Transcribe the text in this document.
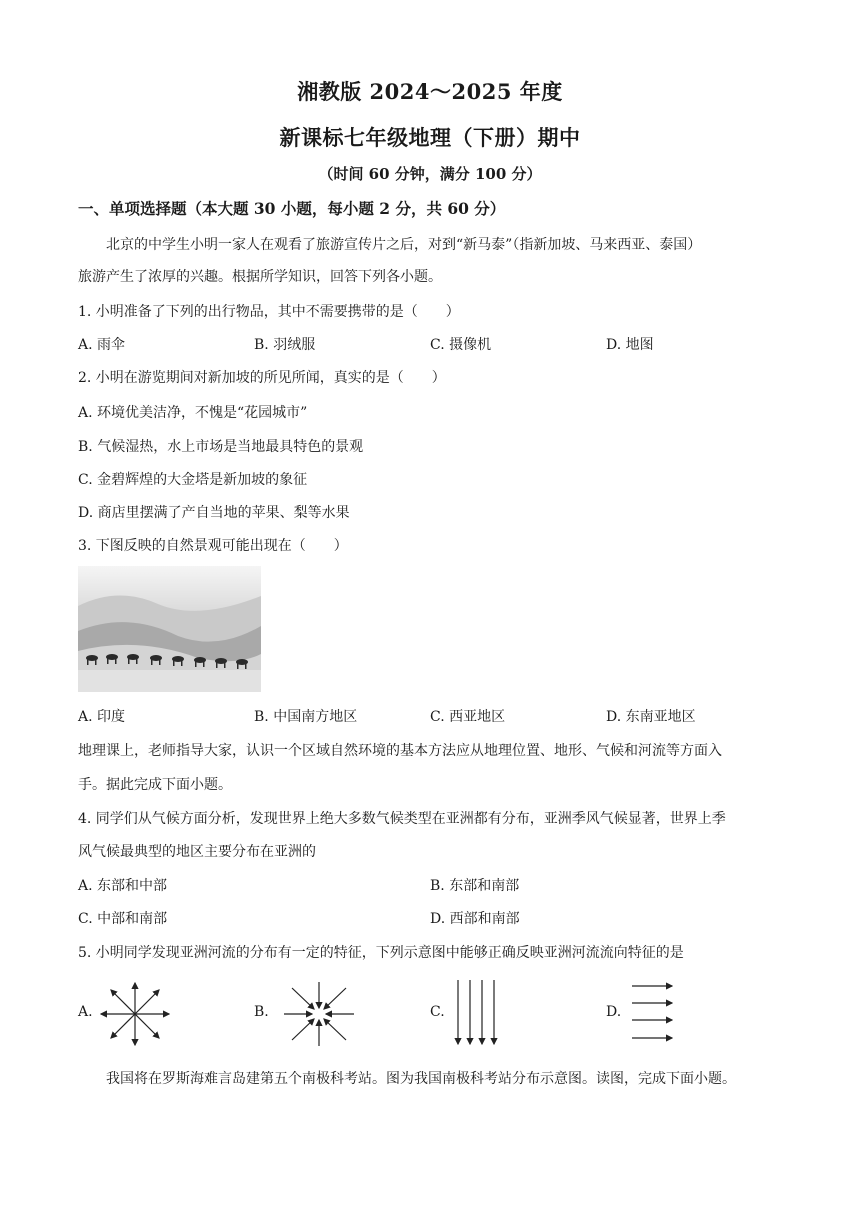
湘教版 2024～2025 年度
新课标七年级地理（下册）期中
（时间 60 分钟，满分 100 分）
一、单项选择题（本大题 30 小题，每小题 2 分，共 60 分）
北京的中学生小明一家人在观看了旅游宣传片之后，对到“新马泰”（指新加坡、马来西亚、泰国）
旅游产生了浓厚的兴趣。根据所学知识，回答下列各小题。
1. 小明准备了下列的出行物品，其中不需要携带的是（　　）
A. 雨伞	B. 羽绒服	C. 摄像机	D. 地图
2. 小明在游览期间对新加坡的所见所闻，真实的是（　　）
A. 环境优美洁净，不愧是“花园城市”
B. 气候湿热，水上市场是当地最具特色的景观
C. 金碧辉煌的大金塔是新加坡的象征
D. 商店里摆满了产自当地的苹果、梨等水果
3. 下图反映的自然景观可能出现在（　　）
A. 印度	B. 中国南方地区	C. 西亚地区	D. 东南亚地区
地理课上，老师指导大家，认识一个区域自然环境的基本方法应从地理位置、地形、气候和河流等方面入
手。据此完成下面小题。
4. 同学们从气候方面分析，发现世界上绝大多数气候类型在亚洲都有分布，亚洲季风气候显著，世界上季
风气候最典型的地区主要分布在亚洲的
A. 东部和中部	B. 东部和南部
C. 中部和南部	D. 西部和南部
5. 小明同学发现亚洲河流的分布有一定的特征，下列示意图中能够正确反映亚洲河流流向特征的是
A.	B.	C.	D.
我国将在罗斯海难言岛建第五个南极科考站。图为我国南极科考站分布示意图。读图，完成下面小题。
